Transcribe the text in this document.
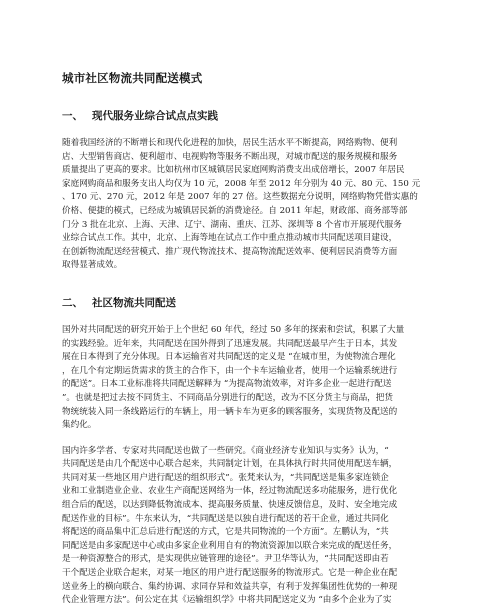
城市社区物流共同配送模式
一、 现代服务业综合试点点实践
随着我国经济的不断增长和现代化进程的加快，居民生活水平不断提高，网络购物、便利
店、大型销售商店、便利超市、电视购物等服务不断出现，对城市配送的服务规模和服务
质量提出了更高的要求。比如杭州市区城镇居民家庭网购消费支出成倍增长，2007 年居民
家庭网购商品和服务支出人均仅为 10 元，2008 年至 2012 年分别为 40 元、80 元、150 元
、170 元、270 元，2012 年是 2007 年的 27 倍。这些数据充分说明，网络购物凭借实惠的
价格、便捷的模式，已经成为城镇居民新的消费途径。自 2011 年起，财政部、商务部等部
门分 3 批在北京、上海、天津、辽宁、湖南、重庆、江苏、深圳等 8 个省市开展现代服务
业综合试点工作。其中，北京、上海等地在试点工作中重点推动城市共同配送项目建设，
在创新物流配送经营模式、推广现代物流技术、提高物流配送效率、便利居民消费等方面
取得显著成效。
二、 社区物流共同配送
国外对共同配送的研究开始于上个世纪 60 年代，经过 50 多年的探索和尝试，积累了大量
的实践经验。近年来，共同配送在国外得到了迅速发展。共同配送最早产生于日本，其发
展在日本得到了充分体现。日本运输省对共同配送的定义是 “在城市里，为使物流合理化
，在几个有定期运货需求的货主的合作下，由一个卡车运输业者，使用一个运输系统进行
的配送”。日本工业标准将共同配送解释为 “为提高物流效率，对许多企业一起进行配送
”。也就是把过去按不同货主、不同商品分别进行的配送，改为不区分货主与商品，把货
物统统装入同一条线路运行的车辆上，用一辆卡车为更多的顾客服务，实现货物及配送的
集约化。
国内许多学者、专家对共同配送也做了一些研究。《商业经济专业知识与实务》认为，“
共同配送是由几个配送中心联合起来，共同制定计划，在具体执行时共同使用配送车辆，
共同对某一些地区用户进行配送的组织形式”。张梵来认为，“共同配送是集多家连锁企
业和工业制造业企业、农业生产商配送网络为一体，经过物流配送多功能服务，进行优化
组合后的配送，以达到降低物流成本、提高服务质量、快速反馈信息，及时、安全地完成
配送作业的目标”。牛东来认为，“共同配送是以独自进行配送的若干企业，通过共同化
将配送的商品集中汇总后进行配送的方式，它是共同物流的一个方面”。左鹏认为，“共
同配送是由多家配送中心或由多家企业利用自有的物流资源加以联合来完成的配送任务，
是一种资源整合的形式，是实现供应链管理的途径”。尹卫华等认为，“共同配送即由若
干个配送企业联合起来，对某一地区的用户进行配送服务的物流形式。它是一种企业在配
送业务上的横向联合、集约协调、求同存异和效益共享，有利于发挥集团性优势的一种现
代企业管理方法”。何公定在其《运输组织学》中将共同配送定义为 “由多个企业为了实
